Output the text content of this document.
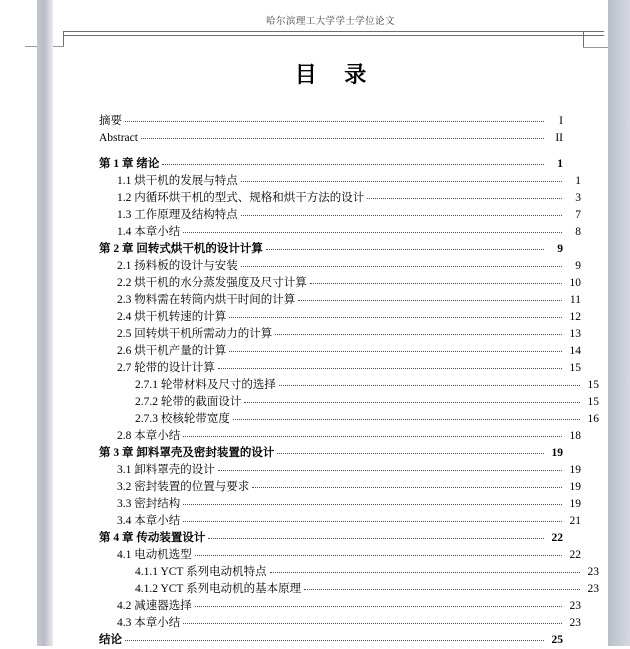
哈尔滨理工大学学士学位论文
目 录
摘要	I
Abstract	II
第 1 章 绪论	1
1.1 烘干机的发展与特点	1
1.2 内循环烘干机的型式、规格和烘干方法的设计	3
1.3 工作原理及结构特点	7
1.4 本章小结	8
第 2 章 回转式烘干机的设计计算	9
2.1 扬料板的设计与安装	9
2.2 烘干机的水分蒸发强度及尺寸计算	10
2.3 物料需在转筒内烘干时间的计算	11
2.4 烘干机转速的计算	12
2.5 回转烘干机所需动力的计算	13
2.6 烘干机产量的计算	14
2.7 轮带的设计计算	15
2.7.1 轮带材料及尺寸的选择	15
2.7.2 轮带的截面设计	15
2.7.3 校核轮带宽度	16
2.8 本章小结	18
第 3 章 卸料罩壳及密封装置的设计	19
3.1 卸料罩壳的设计	19
3.2 密封装置的位置与要求	19
3.3 密封结构	19
3.4 本章小结	21
第 4 章 传动装置设计	22
4.1 电动机选型	22
4.1.1 YCT 系列电动机特点	23
4.1.2 YCT 系列电动机的基本原理	23
4.2 减速器选择	23
4.3 本章小结	23
结论	25
